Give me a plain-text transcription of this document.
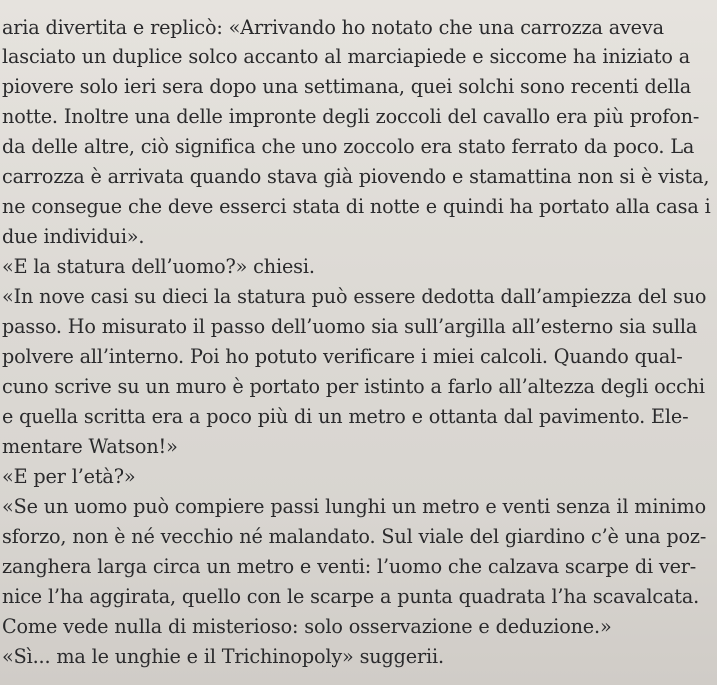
aria divertita e replicò: «Arrivando ho notato che una carrozza aveva
lasciato un duplice solco accanto al marciapiede e siccome ha iniziato a
piovere solo ieri sera dopo una settimana, quei solchi sono recenti della
notte. Inoltre una delle impronte degli zoccoli del cavallo era più profon-
da delle altre, ciò significa che uno zoccolo era stato ferrato da poco. La
carrozza è arrivata quando stava già piovendo e stamattina non si è vista,
ne consegue che deve esserci stata di notte e quindi ha portato alla casa i
due individui».
«E la statura dell’uomo?» chiesi.
«In nove casi su dieci la statura può essere dedotta dall’ampiezza del suo
passo. Ho misurato il passo dell’uomo sia sull’argilla all’esterno sia sulla
polvere all’interno. Poi ho potuto verificare i miei calcoli. Quando qual-
cuno scrive su un muro è portato per istinto a farlo all’altezza degli occhi
e quella scritta era a poco più di un metro e ottanta dal pavimento. Ele-
mentare Watson!»
«E per l’età?»
«Se un uomo può compiere passi lunghi un metro e venti senza il minimo
sforzo, non è né vecchio né malandato. Sul viale del giardino c’è una poz-
zanghera larga circa un metro e venti: l’uomo che calzava scarpe di ver-
nice l’ha aggirata, quello con le scarpe a punta quadrata l’ha scavalcata.
Come vede nulla di misterioso: solo osservazione e deduzione.»
«Sì... ma le unghie e il Trichinopoly» suggerii.
